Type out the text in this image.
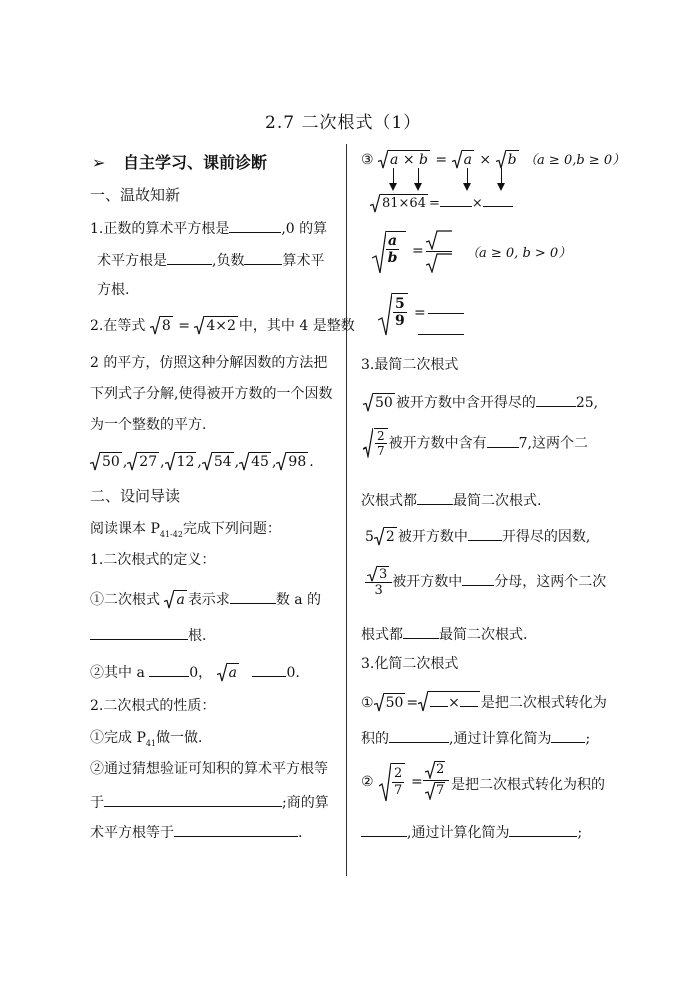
2.7 二次根式（1）
➢ 自主学习、课前诊断
一、温故知新
1.正数的算术平方根是	,0 的算
术平方根是	,负数	算术平
方根.
2.在等式 8 = 4×2 中，其中 4 是整数
2 的平方，仿照这种分解因数的方法把
下列式子分解,使得被开方数的一个因数
为一个整数的平方.
50 , 27 , 12 , 54 , 45 , 98 .
二、设问导读
阅读课本 $P_{41-42}$完成下列问题：
1.二次根式的定义：
①二次根式 a 表示求	数 a 的
根.
②其中 a	0， a	0.
2.二次根式的性质：
①完成 $P_{41}$做一做.
②通过猜想验证可知积的算术平方根等
于	;商的算
术平方根等于	.
③ a × b = a × b （a ≥ 0,b ≥ 0）
81×64 = ×
$\frac{a}{b}$ =	（a ≥ 0, b > 0）
$\frac{5}{9}$ =
3.最简二次根式
50 被开方数中含开得尽的	25,
$\frac{2}{7}$ 被开方数中含有 7,这两个二
次根式都	最简二次根式.
5 2 被开方数中 开得尽的因数,
$\frac{3}{3}$ 被开方数中 分母，这两个二次
根式都	最简二次根式.
3.化简二次根式
① 50 = × 是把二次根式转化为
积的	,通过计算化简为 ;
② $\frac{2}{7}$ =
2
7 是把二次根式转化为积的
,通过计算化简为	;
